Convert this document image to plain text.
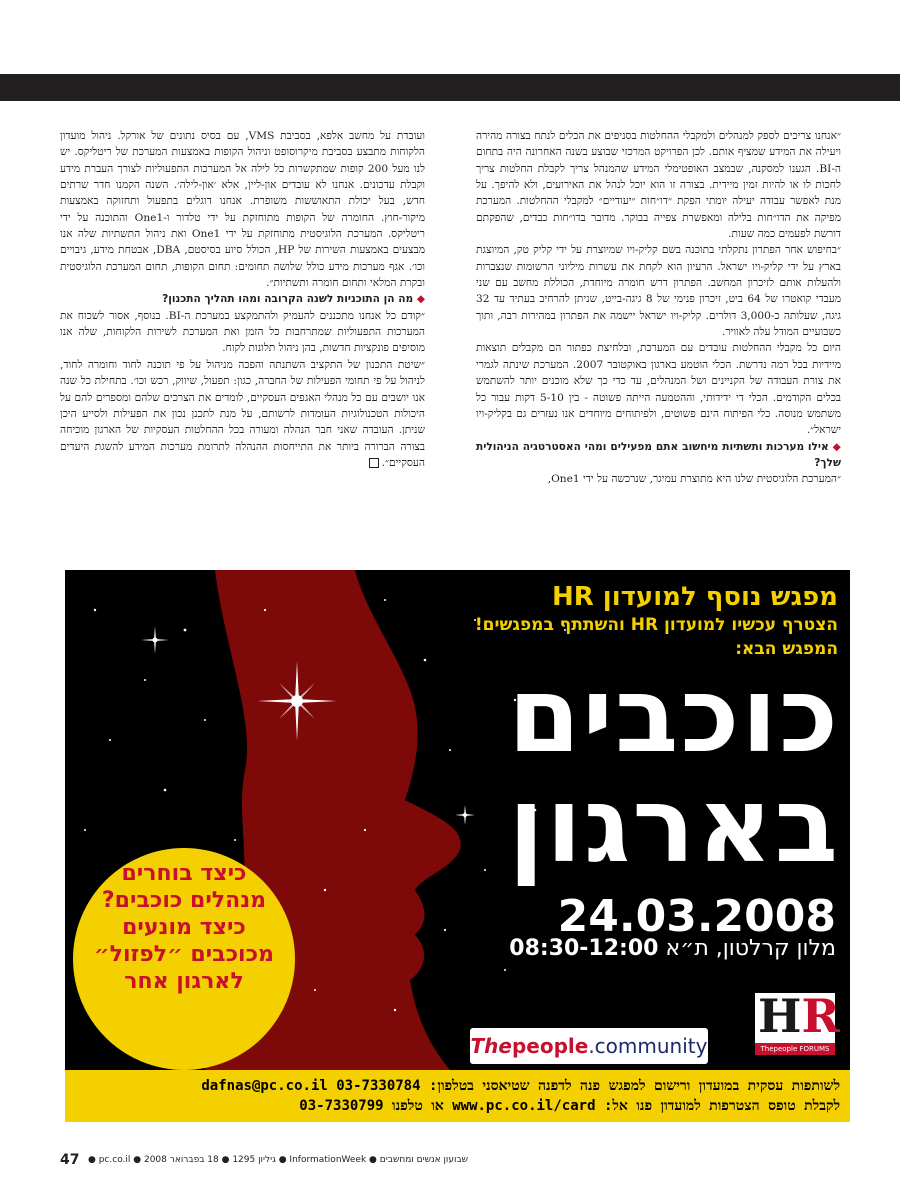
״אנחנו צריכים לספק למנהלים ולמקבלי ההחלטות בסניפים את הכלים לנתח בצורה מהירה ויעילה את המידע שמציף אותם. לכן הפרויקט המרכזי שבוצע בשנה האחרונה היה בתחום ה-BI. הגענו למסקנה, שבמצב האופטימלי המידע שהמנהל צריך לקבלת החלטות צריך לחכות לו או להיות זמין מיידית. בצורה זו הוא יוכל לנהל את האירועים, ולא להיפך. על מנת לאפשר עבודה יעילה יומתי הפקת ״דו״חות ״יעודיים״ למקבלי ההחלטות. המערכת מפיקה את הדו״חות בלילה ומאפשרת צפייה בבוקר. מדובר בדו״חות כבדים, שהפקתם דורשת לפעמים כמה שעות.

״בחיפוש אחר הפתרון נתקלתי בתוכנה בשם קליק-ויו שמיוצרת על ידי קליק טק, המיוצגת בארץ על ידי קליק-ויו ישראל. הרעיון הוא לקחת את עשרות מיליוני הרשומות שנצברות ולהעלות אותם לזיכרון המחשב. הפתרון דרש חומרה מיוחדת, הכוללת מחשב עם שני מעבדי קואטרו של 64 ביט, זיכרון פנימי של 8 גיגה-בייט, שניתן להרחיב בעתיד עד 32 גיגה, שעלותה כ-3,000 דולרים. קליק-ויו ישראל יישמה את הפתרון במהירות רבה, ותוך כשבועיים המודל עלה לאוויר.

היום כל מקבלי ההחלטות עובדים עם המערכת, ובלחיצת כפתור הם מקבלים תוצאות מיידיות בכל רמה נדרשת. הכלי הוטמע בארגון באוקטובר 2007. המערכת שינתה לגמרי את צורת העבודה של הקניינים ושל המנהלים, עד כדי כך שלא מוכנים יותר להשתמש בכלים הקודמים. הכלי די ידידותי, וההטמעה הייתה פשוטה - בין 5-10 דקות עבור כל משתמש מנוסה. כלי הפיתוח הינם פשוטים, ולפיתוחים מיוחדים אנו נעזרים גם בקליק-ויו ישראל״.

◆ אילו מערכות ותשתיות מיחשוב אתם מפעילים ומהי האסטרטגיה הניהולית שלך?

״המערכת הלוגיסטית שלנו היא מתוצרת עמיגר, שנרכשה על ידי One1,

ועובדת על מחשב אלפא, בסביבת VMS, עם בסיס נתונים של אורקל. ניהול מועדון הלקוחות מתבצע בסביבת מיקרוסופט וניהול הקופות באמצעות המערכת של ריטליקס. יש לנו מעל 200 קופות שמתקשרות כל לילה אל המערכות התפעוליות לצורך העברת מידע וקבלת עדכונים. אנחנו לא עובדים און-ליין, אלא ׳און-לילה׳. השנה הקמנו חדר שרתים חדש, בעל יכולת התאוששות משופרת. אנחנו דוגלים בתפעול ותחזוקה באמצעות מיקור-חוץ. החומרה של הקופות מתוחזקת על ידי טלדור ו-One1 והתוכנה על ידי ריטליקס. המערכת הלוגיסטית מתוחזקת על ידי One1 ואת ניהול התשתיות שלה אנו מבצעים באמצעות השירות של HP, הכולל סיוע בסיסטם, DBA, אבטחת מידע, גיבויים וכו׳. אגף מערכות מידע כולל שלושה תחומים: תחום הקופות, תחום המערכת הלוגיסטית ובקרת המלאי ותחום חומרה ותשתיות״.

◆ מה הן התוכניות לשנה הקרובה ומהו תהליך התכנון?

״קודם כל אנחנו מתכננים להעמיק ולהתמקצע במערכת ה-BI. בנוסף, אסור לשכוח את המערכות התפעוליות שמתרחבות כל הזמן ואת המערכת לשירות הלקוחות, שלה אנו מוסיפים פונקציות חדשות, בהן ניהול תלונות לקוח.

״שיטת התכנון של התקציב השתנתה והפכה מניהול על פי תוכנה לחוד וחומרה לחוד, לניהול על פי תחומי הפעילות של החברה, כגון: תפעול, שיווק, רכש וכו׳. בתחילת כל שנה אנו יושבים עם כל מנהלי האגפים העסקיים, לומדים את הצרכים שלהם ומספרים להם על היכולות הטכנולוגיות העומדות לרשותם, על מנת לתכנן נכון את הפעילות ולסייע היכן שניתן. העובדה שאני חבר הנהלה ומעורה בכל ההחלטות העסקיות של הארגון מוכיחה בצורה הברורה ביותר את התייחסות ההנהלה לתרומת מערכות המידע להשגת היעדים העסקיים״.

מפגש נוסף למועדון HR
הצטרף עכשיו למועדון HR והשתתף במפגשים!
המפגש הבא:
כוכבים
בארגון
24.03.2008
מלון קרלטון, ת״א 08:30-12:00
כיצד בוחרים
מנהלים כוכבים?
כיצד מונעים
מכוכבים ״לפזול״
לארגון אחר
Thepeople.community
HR
Thepeople FORUMS
לשותפות עסקית במועדון ורישום למפגש פנה לדפנה שטיאסני בטלפון: 03-7330784 dafnas@pc.co.il
לקבלת טופס הצטרפות למועדון פנו אל: www.pc.co.il/card או טלפנו 03-7330799
47 שבועון אנשים ומחשבים ● InformationWeek ● גיליון 1295 ● 18 בפברואר 2008 ● pc.co.il ●
